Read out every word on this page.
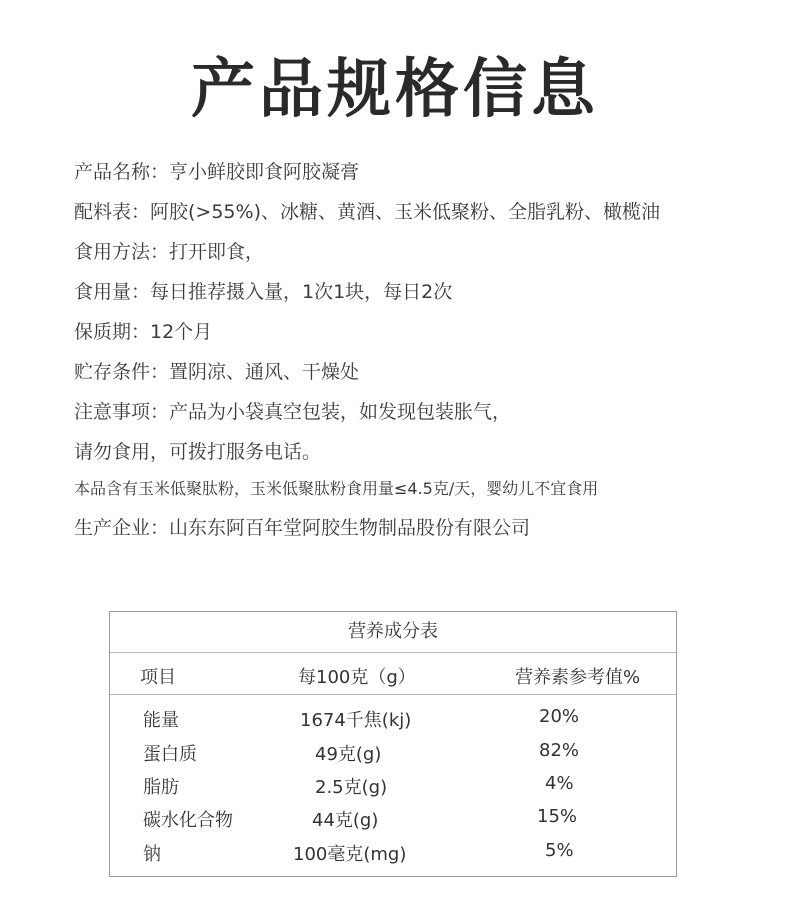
产品规格信息
产品名称：亨小鲜胶即食阿胶凝膏
配料表：阿胶(>55%)、冰糖、黄酒、玉米低聚粉、全脂乳粉、橄榄油
食用方法：打开即食，
食用量：每日推荐摄入量，1次1块，每日2次
保质期：12个月
贮存条件：置阴凉、通风、干燥处
注意事项：产品为小袋真空包装，如发现包装胀气，
请勿食用，可拨打服务电话。
本品含有玉米低聚肽粉，玉米低聚肽粉食用量≤4.5克/天，婴幼儿不宜食用
生产企业：山东东阿百年堂阿胶生物制品股份有限公司
营养成分表
项目	每100克（g）	营养素参考值%
能量	1674千焦(kj)	20%
蛋白质	49克(g)	82%
脂肪	2.5克(g)	4%
碳水化合物	44克(g)	15%
钠	100毫克(mg)	5%
